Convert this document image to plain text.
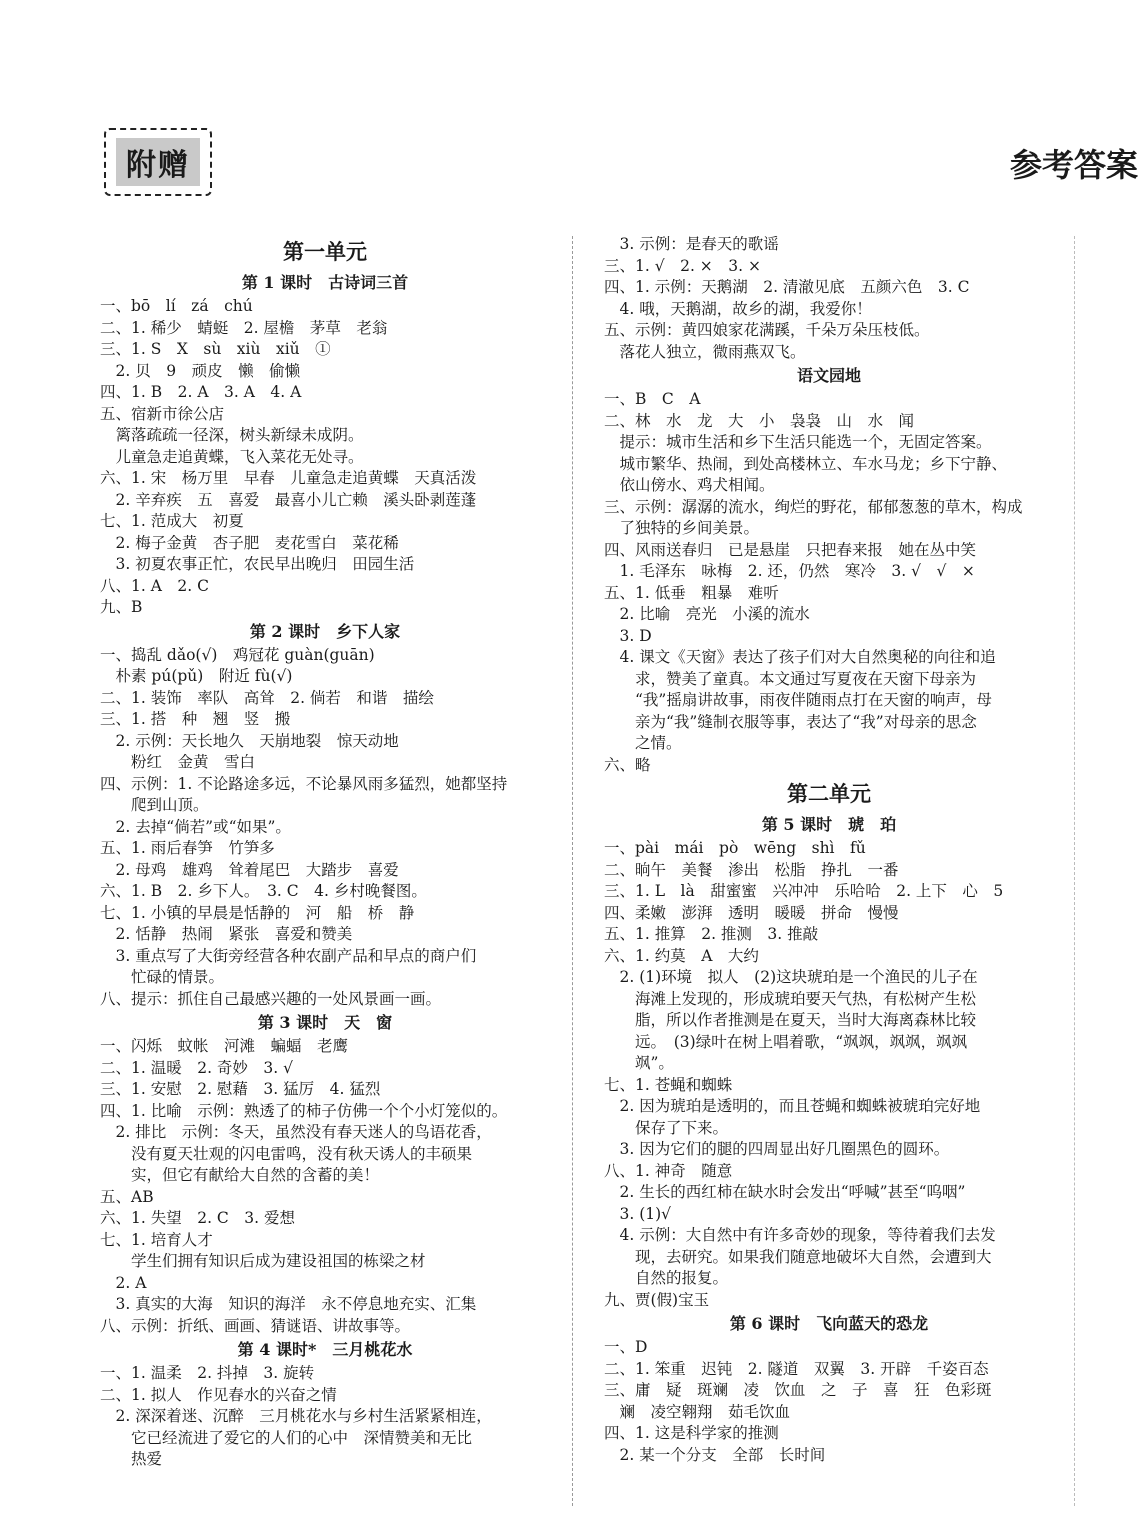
附赠	参考答案
第一单元
第 1 课时　古诗词三首
一、bō　lí　zá　chú
二、1. 稀少　蜻蜓　2. 屋檐　茅草　老翁
三、1. S　X　sù　xiù　xiǔ　①
　2. 贝　9　顽皮　懒　偷懒
四、1. B　2. A　3. A　4. A
五、宿新市徐公店
　篱落疏疏一径深，树头新绿未成阴。
　儿童急走追黄蝶，飞入菜花无处寻。
六、1. 宋　杨万里　早春　儿童急走追黄蝶　天真活泼
　2. 辛弃疾　五　喜爱　最喜小儿亡赖　溪头卧剥莲蓬
七、1. 范成大　初夏
　2. 梅子金黄　杏子肥　麦花雪白　菜花稀
　3. 初夏农事正忙，农民早出晚归　田园生活
八、1. A　2. C
九、B
第 2 课时　乡下人家
一、捣乱 dǎo(√)　鸡冠花 guàn(guān)
　朴素 pú(pǔ)　附近 fù(√)
二、1. 装饰　率队　高耸　2. 倘若　和谐　描绘
三、1. 搭　种　翘　竖　搬
　2. 示例：天长地久　天崩地裂　惊天动地
　　粉红　金黄　雪白
四、示例：1. 不论路途多远，不论暴风雨多猛烈，她都坚持
　　爬到山顶。
　2. 去掉“倘若”或“如果”。
五、1. 雨后春笋　竹笋多
　2. 母鸡　雄鸡　耸着尾巴　大踏步　喜爱
六、1. B　2. 乡下人。　3. C　4. 乡村晚餐图。
七、1. 小镇的早晨是恬静的　河　船　桥　静
　2. 恬静　热闹　紧张　喜爱和赞美
　3. 重点写了大街旁经营各种农副产品和早点的商户们
　　忙碌的情景。
八、提示：抓住自己最感兴趣的一处风景画一画。
第 3 课时　天　窗
一、闪烁　蚊帐　河滩　蝙蝠　老鹰
二、1. 温暖　2. 奇妙　3. √
三、1. 安慰　2. 慰藉　3. 猛厉　4. 猛烈
四、1. 比喻　示例：熟透了的柿子仿佛一个个小灯笼似的。
　2. 排比　示例：冬天，虽然没有春天迷人的鸟语花香，
　　没有夏天壮观的闪电雷鸣，没有秋天诱人的丰硕果
　　实，但它有献给大自然的含蓄的美！
五、AB
六、1. 失望　2. C　3. 爱想
七、1. 培育人才
　　学生们拥有知识后成为建设祖国的栋梁之材
　2. A
　3. 真实的大海　知识的海洋　永不停息地充实、汇集
八、示例：折纸、画画、猜谜语、讲故事等。
第 4 课时*　三月桃花水
一、1. 温柔　2. 抖掉　3. 旋转
二、1. 拟人　作见春水的兴奋之情
　2. 深深着迷、沉醉　三月桃花水与乡村生活紧紧相连，
　　它已经流进了爱它的人们的心中　深情赞美和无比
　　热爱
　3. 示例：是春天的歌谣
三、1. √　2. ×　3. ×
四、1. 示例：天鹅湖　2. 清澈见底　五颜六色　3. C
　4. 哦，天鹅湖，故乡的湖，我爱你！
五、示例：黄四娘家花满蹊，千朵万朵压枝低。
　落花人独立，微雨燕双飞。
语文园地
一、B　C　A
二、林　水　龙　大　小　袅袅　山　水　闻
　提示：城市生活和乡下生活只能选一个，无固定答案。
　城市繁华、热闹，到处高楼林立、车水马龙；乡下宁静、
　依山傍水、鸡犬相闻。
三、示例：潺潺的流水，绚烂的野花，郁郁葱葱的草木，构成
　了独特的乡间美景。
四、风雨送春归　已是悬崖　只把春来报　她在丛中笑
　1. 毛泽东　咏梅　2. 还，仍然　寒冷　3. √　√　×
五、1. 低垂　粗暴　难听
　2. 比喻　亮光　小溪的流水
　3. D
　4. 课文《天窗》表达了孩子们对大自然奥秘的向往和追
　　求，赞美了童真。本文通过写夏夜在天窗下母亲为
　　“我”摇扇讲故事，雨夜伴随雨点打在天窗的响声，母
　　亲为“我”缝制衣服等事，表达了“我”对母亲的思念
　　之情。
六、略
第二单元
第 5 课时　琥　珀
一、pài　mái　pò　wēng　shì　fǔ
二、晌午　美餐　渗出　松脂　挣扎　一番
三、1. L　là　甜蜜蜜　兴冲冲　乐哈哈　2. 上下　心　5
四、柔嫩　澎湃　透明　暖暖　拼命　慢慢
五、1. 推算　2. 推测　3. 推敲
六、1. 约莫　A　大约
　2. (1)环境　拟人　(2)这块琥珀是一个渔民的儿子在
　　海滩上发现的，形成琥珀要天气热，有松树产生松
　　脂，所以作者推测是在夏天，当时大海离森林比较
　　远。　(3)绿叶在树上唱着歌，“飒飒，飒飒，飒飒
　　飒”。
七、1. 苍蝇和蜘蛛
　2. 因为琥珀是透明的，而且苍蝇和蜘蛛被琥珀完好地
　　保存了下来。
　3. 因为它们的腿的四周显出好几圈黑色的圆环。
八、1. 神奇　随意
　2. 生长的西红柿在缺水时会发出“呼喊”甚至“呜咽”
　3. (1)√
　4. 示例：大自然中有许多奇妙的现象，等待着我们去发
　　现，去研究。如果我们随意地破坏大自然，会遭到大
　　自然的报复。
九、贾(假)宝玉
第 6 课时　飞向蓝天的恐龙
一、D
二、1. 笨重　迟钝　2. 隧道　双翼　3. 开辟　千姿百态
三、庸　疑　斑斓　凌　饮血　之　子　喜　狂　色彩斑
　斓　凌空翱翔　茹毛饮血
四、1. 这是科学家的推测
　2. 某一个分支　全部　长时间
